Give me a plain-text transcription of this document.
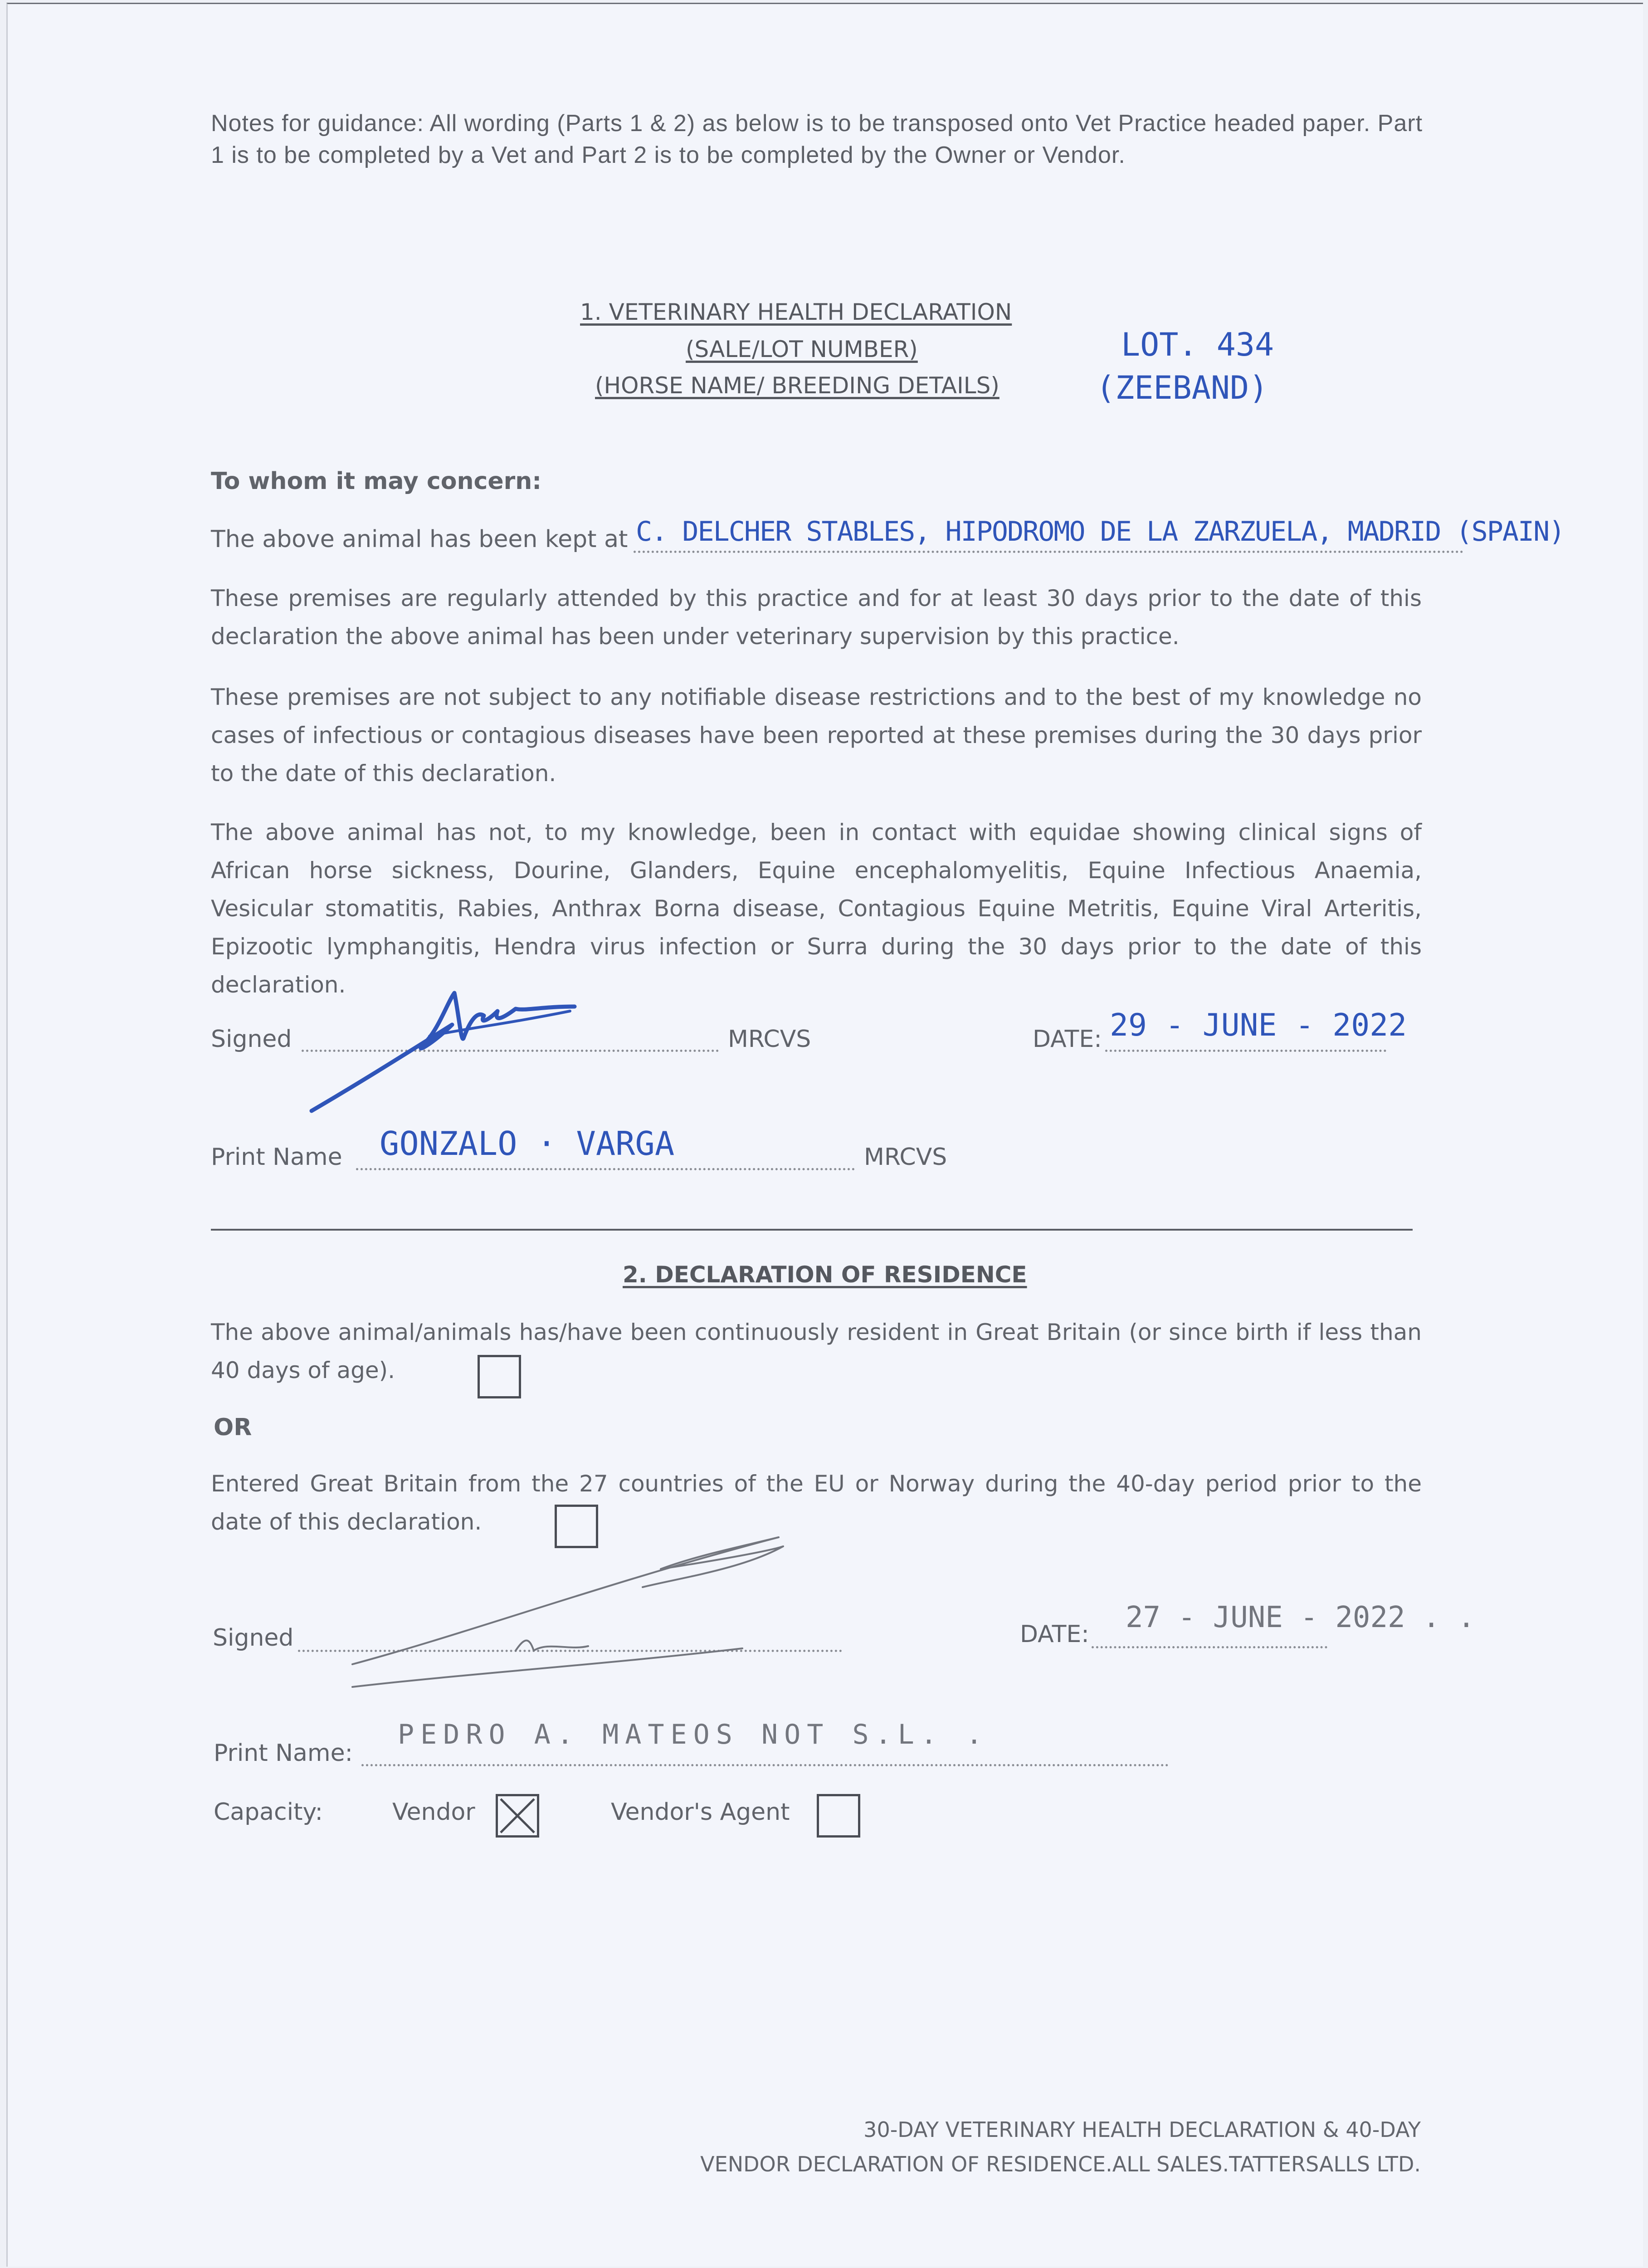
Notes for guidance: All wording (Parts 1 & 2) as below is to be transposed onto Vet Practice headed paper. Part 1 is to be completed by a Vet and Part 2 is to be completed by the Owner or Vendor.
1. VETERINARY HEALTH DECLARATION
(SALE/LOT NUMBER)
(HORSE NAME/ BREEDING DETAILS)
LOT. 434
(ZEEBAND)
To whom it may concern:
The above animal has been kept at C. DELCHER STABLES, HIPODROMO DE LA ZARZUELA, MADRID (SPAIN)
These premises are regularly attended by this practice and for at least 30 days prior to the date of this declaration the above animal has been under veterinary supervision by this practice.
These premises are not subject to any notifiable disease restrictions and to the best of my knowledge no cases of infectious or contagious diseases have been reported at these premises during the 30 days prior to the date of this declaration.
The above animal has not, to my knowledge, been in contact with equidae showing clinical signs of African horse sickness, Dourine, Glanders, Equine encephalomyelitis, Equine Infectious Anaemia, Vesicular stomatitis, Rabies, Anthrax Borna disease, Contagious Equine Metritis, Equine Viral Arteritis, Epizootic lymphangitis, Hendra virus infection or Surra during the 30 days prior to the date of this declaration.
Signed	MRCVS	DATE: 29 - JUNE - 2022
Print Name GONZALO · VARGA	MRCVS
2. DECLARATION OF RESIDENCE
The above animal/animals has/have been continuously resident in Great Britain (or since birth if less than 40 days of age).
OR
Entered Great Britain from the 27 countries of the EU or Norway during the 40-day period prior to the date of this declaration.
Signed	DATE: 27 - JUNE - 2022 . .
Print Name:
PEDRO A. MATEOS NOT S.L. .
Capacity:	Vendor	Vendor's Agent
30-DAY VETERINARY HEALTH DECLARATION & 40-DAY
VENDOR DECLARATION OF RESIDENCE.ALL SALES.TATTERSALLS LTD.
